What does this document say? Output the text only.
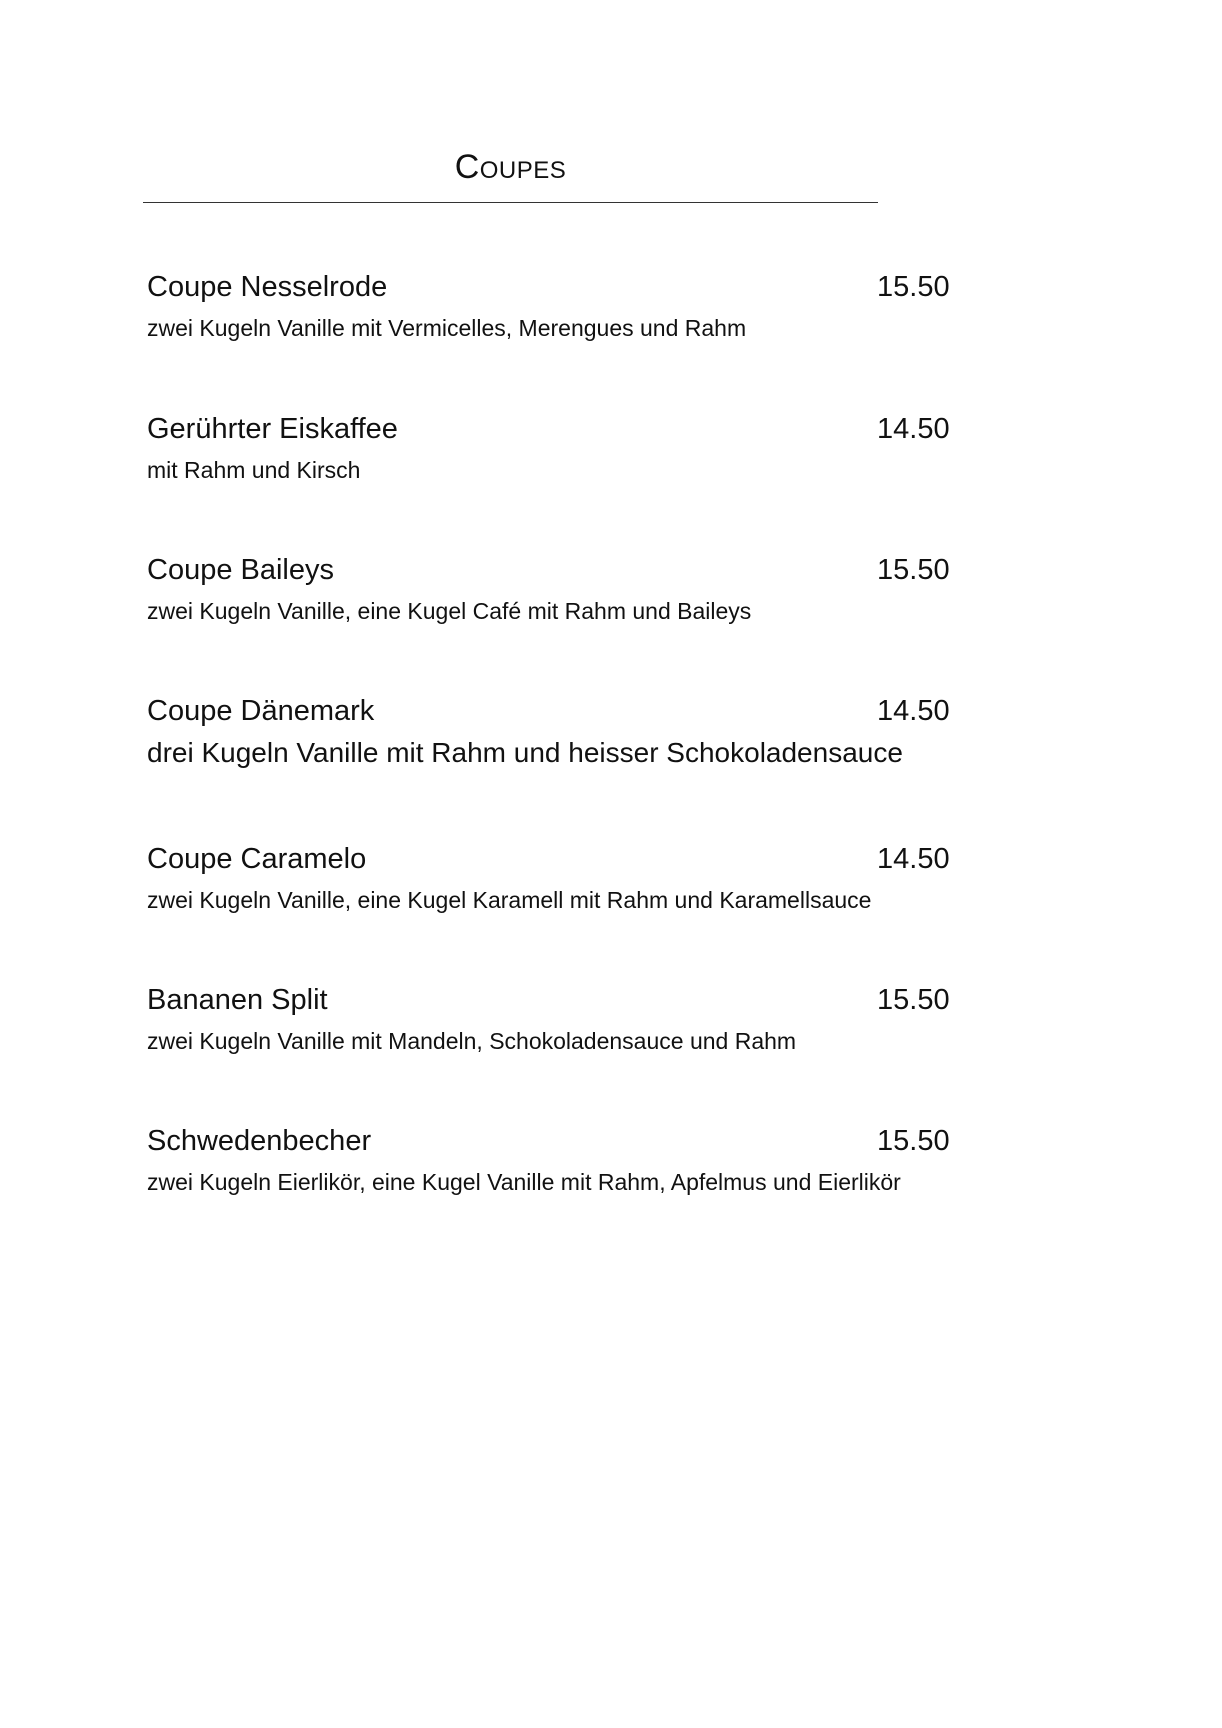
Coupes
Coupe Nesselrode	15.50
zwei Kugeln Vanille mit Vermicelles, Merengues und Rahm
Gerührter Eiskaffee	14.50
mit Rahm und Kirsch
Coupe Baileys	15.50
zwei Kugeln Vanille, eine Kugel Café mit Rahm und Baileys
Coupe Dänemark	14.50
drei Kugeln Vanille mit Rahm und heisser Schokoladensauce
Coupe Caramelo	14.50
zwei Kugeln Vanille, eine Kugel Karamell mit Rahm und Karamellsauce
Bananen Split	15.50
zwei Kugeln Vanille mit Mandeln, Schokoladensauce und Rahm
Schwedenbecher	15.50
zwei Kugeln Eierlikör, eine Kugel Vanille mit Rahm, Apfelmus und Eierlikör
